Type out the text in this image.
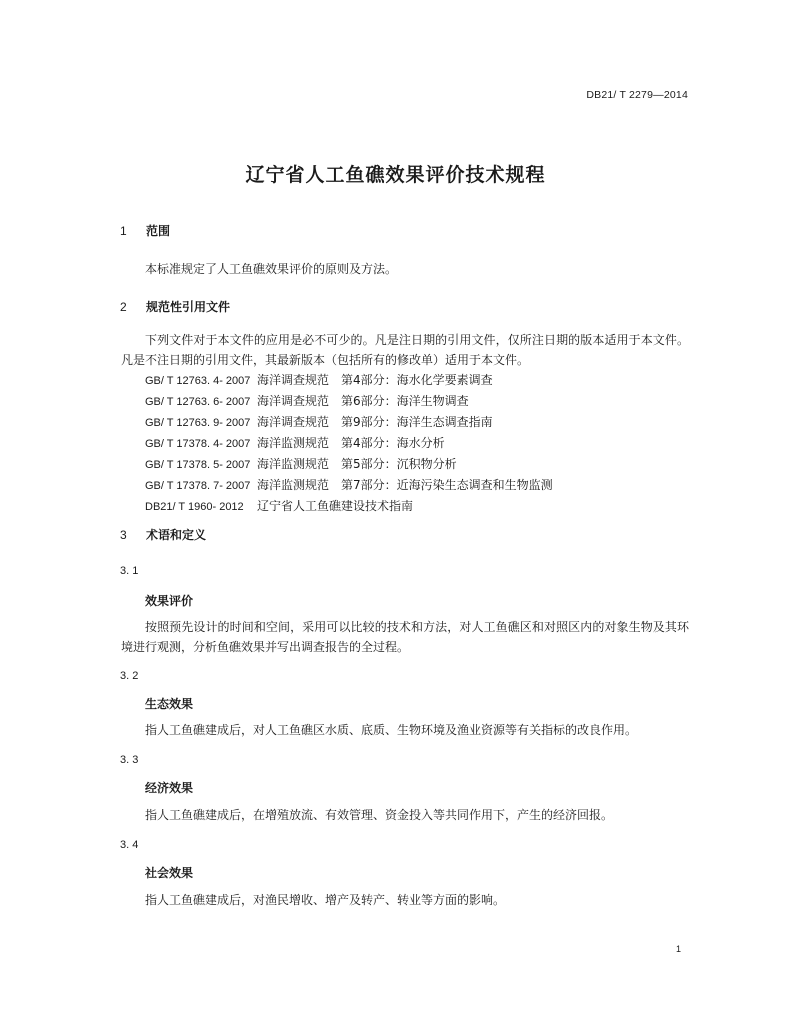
DB21/ T 2279—2014
辽宁省人工鱼礁效果评价技术规程
1 范围
本标准规定了人工鱼礁效果评价的原则及方法。
2 规范性引用文件
下列文件对于本文件的应用是必不可少的。凡是注日期的引用文件，仅所注日期的版本适用于本文件。凡是不注日期的引用文件，其最新版本（包括所有的修改单）适用于本文件。
GB/ T 12763. 4- 2007 海洋调查规范 第4部分：海水化学要素调查
GB/ T 12763. 6- 2007 海洋调查规范 第6部分：海洋生物调查
GB/ T 12763. 9- 2007 海洋调查规范 第9部分：海洋生态调查指南
GB/ T 17378. 4- 2007 海洋监测规范 第4部分：海水分析
GB/ T 17378. 5- 2007 海洋监测规范 第5部分：沉积物分析
GB/ T 17378. 7- 2007 海洋监测规范 第7部分：近海污染生态调查和生物监测
DB21/ T 1960- 2012 辽宁省人工鱼礁建设技术指南
3 术语和定义
3. 1
效果评价
按照预先设计的时间和空间，采用可以比较的技术和方法，对人工鱼礁区和对照区内的对象生物及其环境进行观测，分析鱼礁效果并写出调查报告的全过程。
3. 2
生态效果
指人工鱼礁建成后，对人工鱼礁区水质、底质、生物环境及渔业资源等有关指标的改良作用。
3. 3
经济效果
指人工鱼礁建成后，在增殖放流、有效管理、资金投入等共同作用下，产生的经济回报。
3. 4
社会效果
指人工鱼礁建成后，对渔民增收、增产及转产、转业等方面的影响。
1
